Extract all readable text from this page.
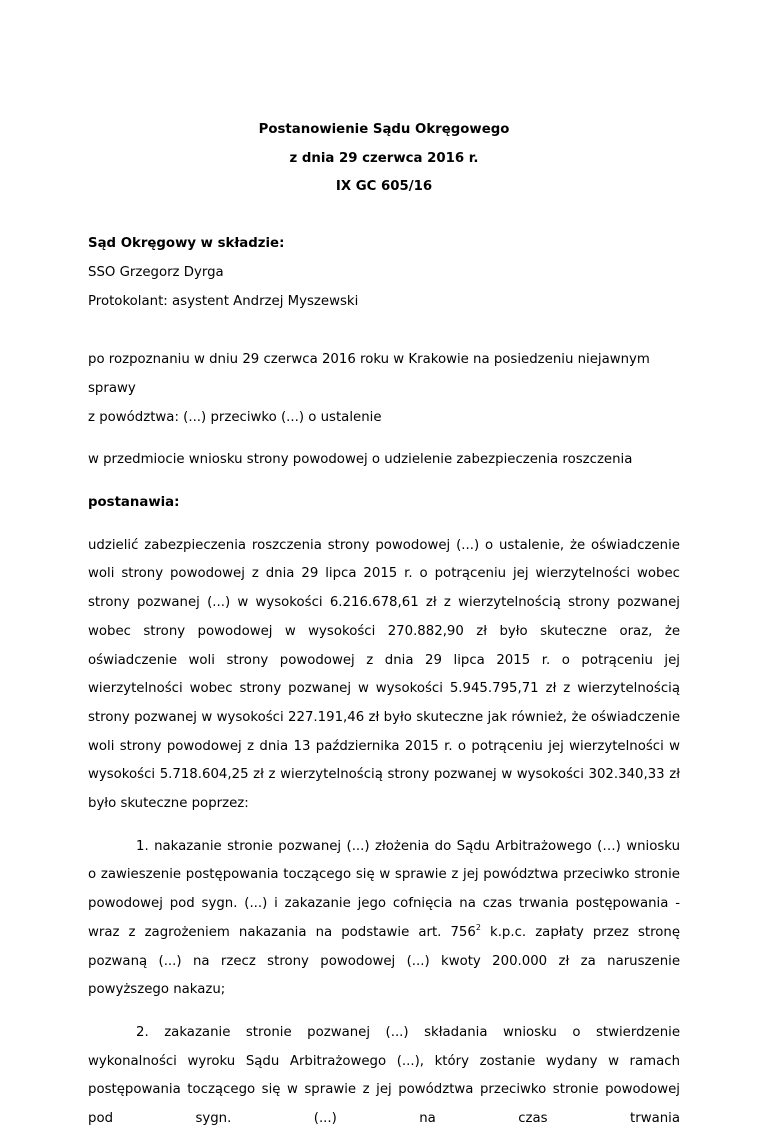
Postanowienie Sądu Okręgowego

z dnia 29 czerwca 2016 r.

IX GC 605/16

Sąd Okręgowy w składzie:

SSO Grzegorz Dyrga

Protokolant: asystent Andrzej Myszewski

po rozpoznaniu w dniu 29 czerwca 2016 roku w Krakowie na posiedzeniu niejawnym sprawy

z powództwa: (...) przeciwko (...) o ustalenie

w przedmiocie wniosku strony powodowej o udzielenie zabezpieczenia roszczenia

postanawia:

udzielić zabezpieczenia roszczenia strony powodowej (...) o ustalenie, że oświadczenie woli strony powodowej z dnia 29 lipca 2015 r. o potrąceniu jej wierzytelności wobec strony pozwanej (...) w wysokości 6.216.678,61 zł z wierzytelnością strony pozwanej wobec strony powodowej w wysokości 270.882,90 zł było skuteczne oraz, że oświadczenie woli strony powodowej z dnia 29 lipca 2015 r. o potrąceniu jej wierzytelności wobec strony pozwanej w wysokości 5.945.795,71 zł z wierzytelnością strony pozwanej w wysokości 227.191,46 zł było skuteczne jak również, że oświadczenie woli strony powodowej z dnia 13 października 2015 r. o potrąceniu jej wierzytelności w wysokości 5.718.604,25 zł z wierzytelnością strony pozwanej w wysokości 302.340,33 zł było skuteczne poprzez:

1. nakazanie stronie pozwanej (...) złożenia do Sądu Arbitrażowego (…) wniosku o zawieszenie postępowania toczącego się w sprawie z jej powództwa przeciwko stronie powodowej pod sygn. (...) i zakazanie jego cofnięcia na czas trwania postępowania - wraz z zagrożeniem nakazania na podstawie art. $756^2$ k.p.c. zapłaty przez stronę pozwaną (...) na rzecz strony powodowej (...) kwoty 200.000 zł za naruszenie powyższego nakazu;

2. zakazanie stronie pozwanej (...) składania wniosku o stwierdzenie wykonalności wyroku Sądu Arbitrażowego (...), który zostanie wydany w ramach postępowania toczącego się w sprawie z jej powództwa przeciwko stronie powodowej pod sygn. (...) na czas trwania
